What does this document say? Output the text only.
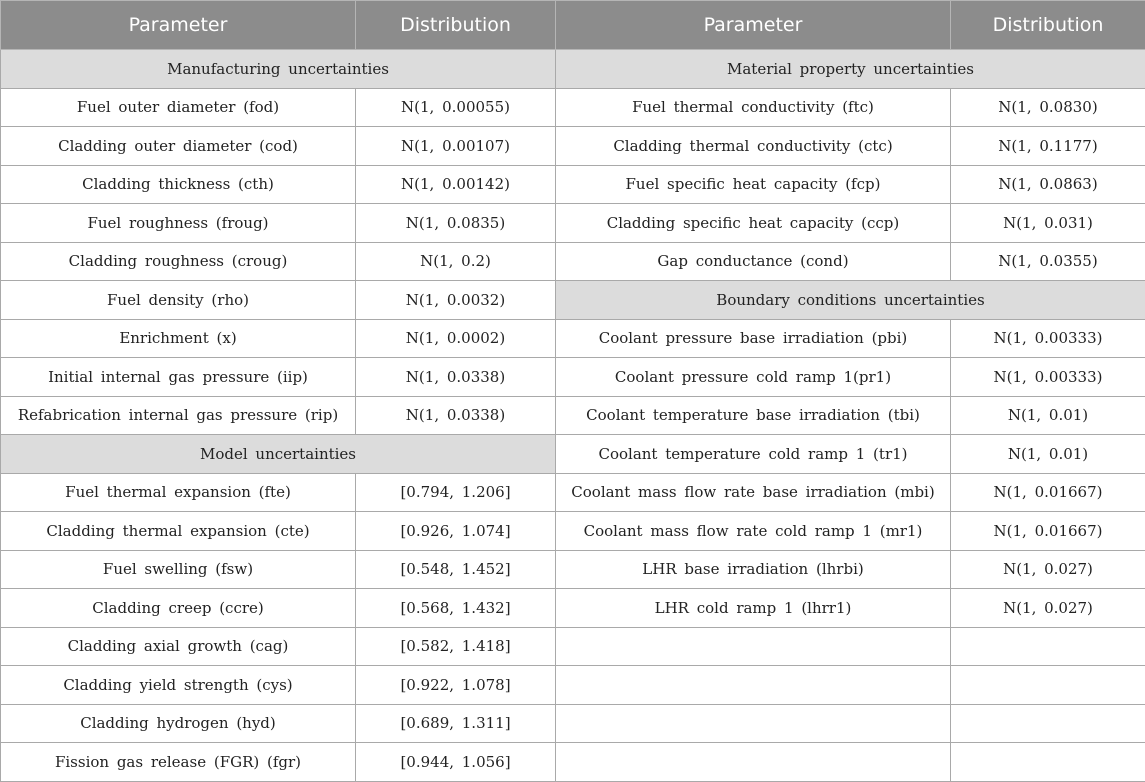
Parameter	Distribution	Parameter	Distribution
Manufacturing uncertainties		Material property uncertainties	
Fuel outer diameter (fod)	N(1, 0.00055)	Fuel thermal conductivity (ftc)	N(1, 0.0830)
Cladding outer diameter (cod)	N(1, 0.00107)	Cladding thermal conductivity (ctc)	N(1, 0.1177)
Cladding thickness (cth)	N(1, 0.00142)	Fuel specific heat capacity (fcp)	N(1, 0.0863)
Fuel roughness (froug)	N(1, 0.0835)	Cladding specific heat capacity (ccp)	N(1, 0.031)
Cladding roughness (croug)	N(1, 0.2)	Gap conductance (cond)	N(1, 0.0355)
Fuel density (rho)	N(1, 0.0032)	Boundary conditions uncertainties	
Enrichment (x)	N(1, 0.0002)	Coolant pressure base irradiation (pbi)	N(1, 0.00333)
Initial internal gas pressure (iip)	N(1, 0.0338)	Coolant pressure cold ramp 1(pr1)	N(1, 0.00333)
Refabrication internal gas pressure (rip)	N(1, 0.0338)	Coolant temperature base irradiation (tbi)	N(1, 0.01)
Model uncertainties		Coolant temperature cold ramp 1 (tr1)	N(1, 0.01)
Fuel thermal expansion (fte)	[0.794, 1.206]	Coolant mass flow rate base irradiation (mbi)	N(1, 0.01667)
Cladding thermal expansion (cte)	[0.926, 1.074]	Coolant mass flow rate cold ramp 1 (mr1)	N(1, 0.01667)
Fuel swelling (fsw)	[0.548, 1.452]	LHR base irradiation (lhrbi)	N(1, 0.027)
Cladding creep (ccre)	[0.568, 1.432]	LHR cold ramp 1 (lhrr1)	N(1, 0.027)
Cladding axial growth (cag)	[0.582, 1.418]		
Cladding yield strength (cys)	[0.922, 1.078]		
Cladding hydrogen (hyd)	[0.689, 1.311]		
Fission gas release (FGR) (fgr)	[0.944, 1.056]		
